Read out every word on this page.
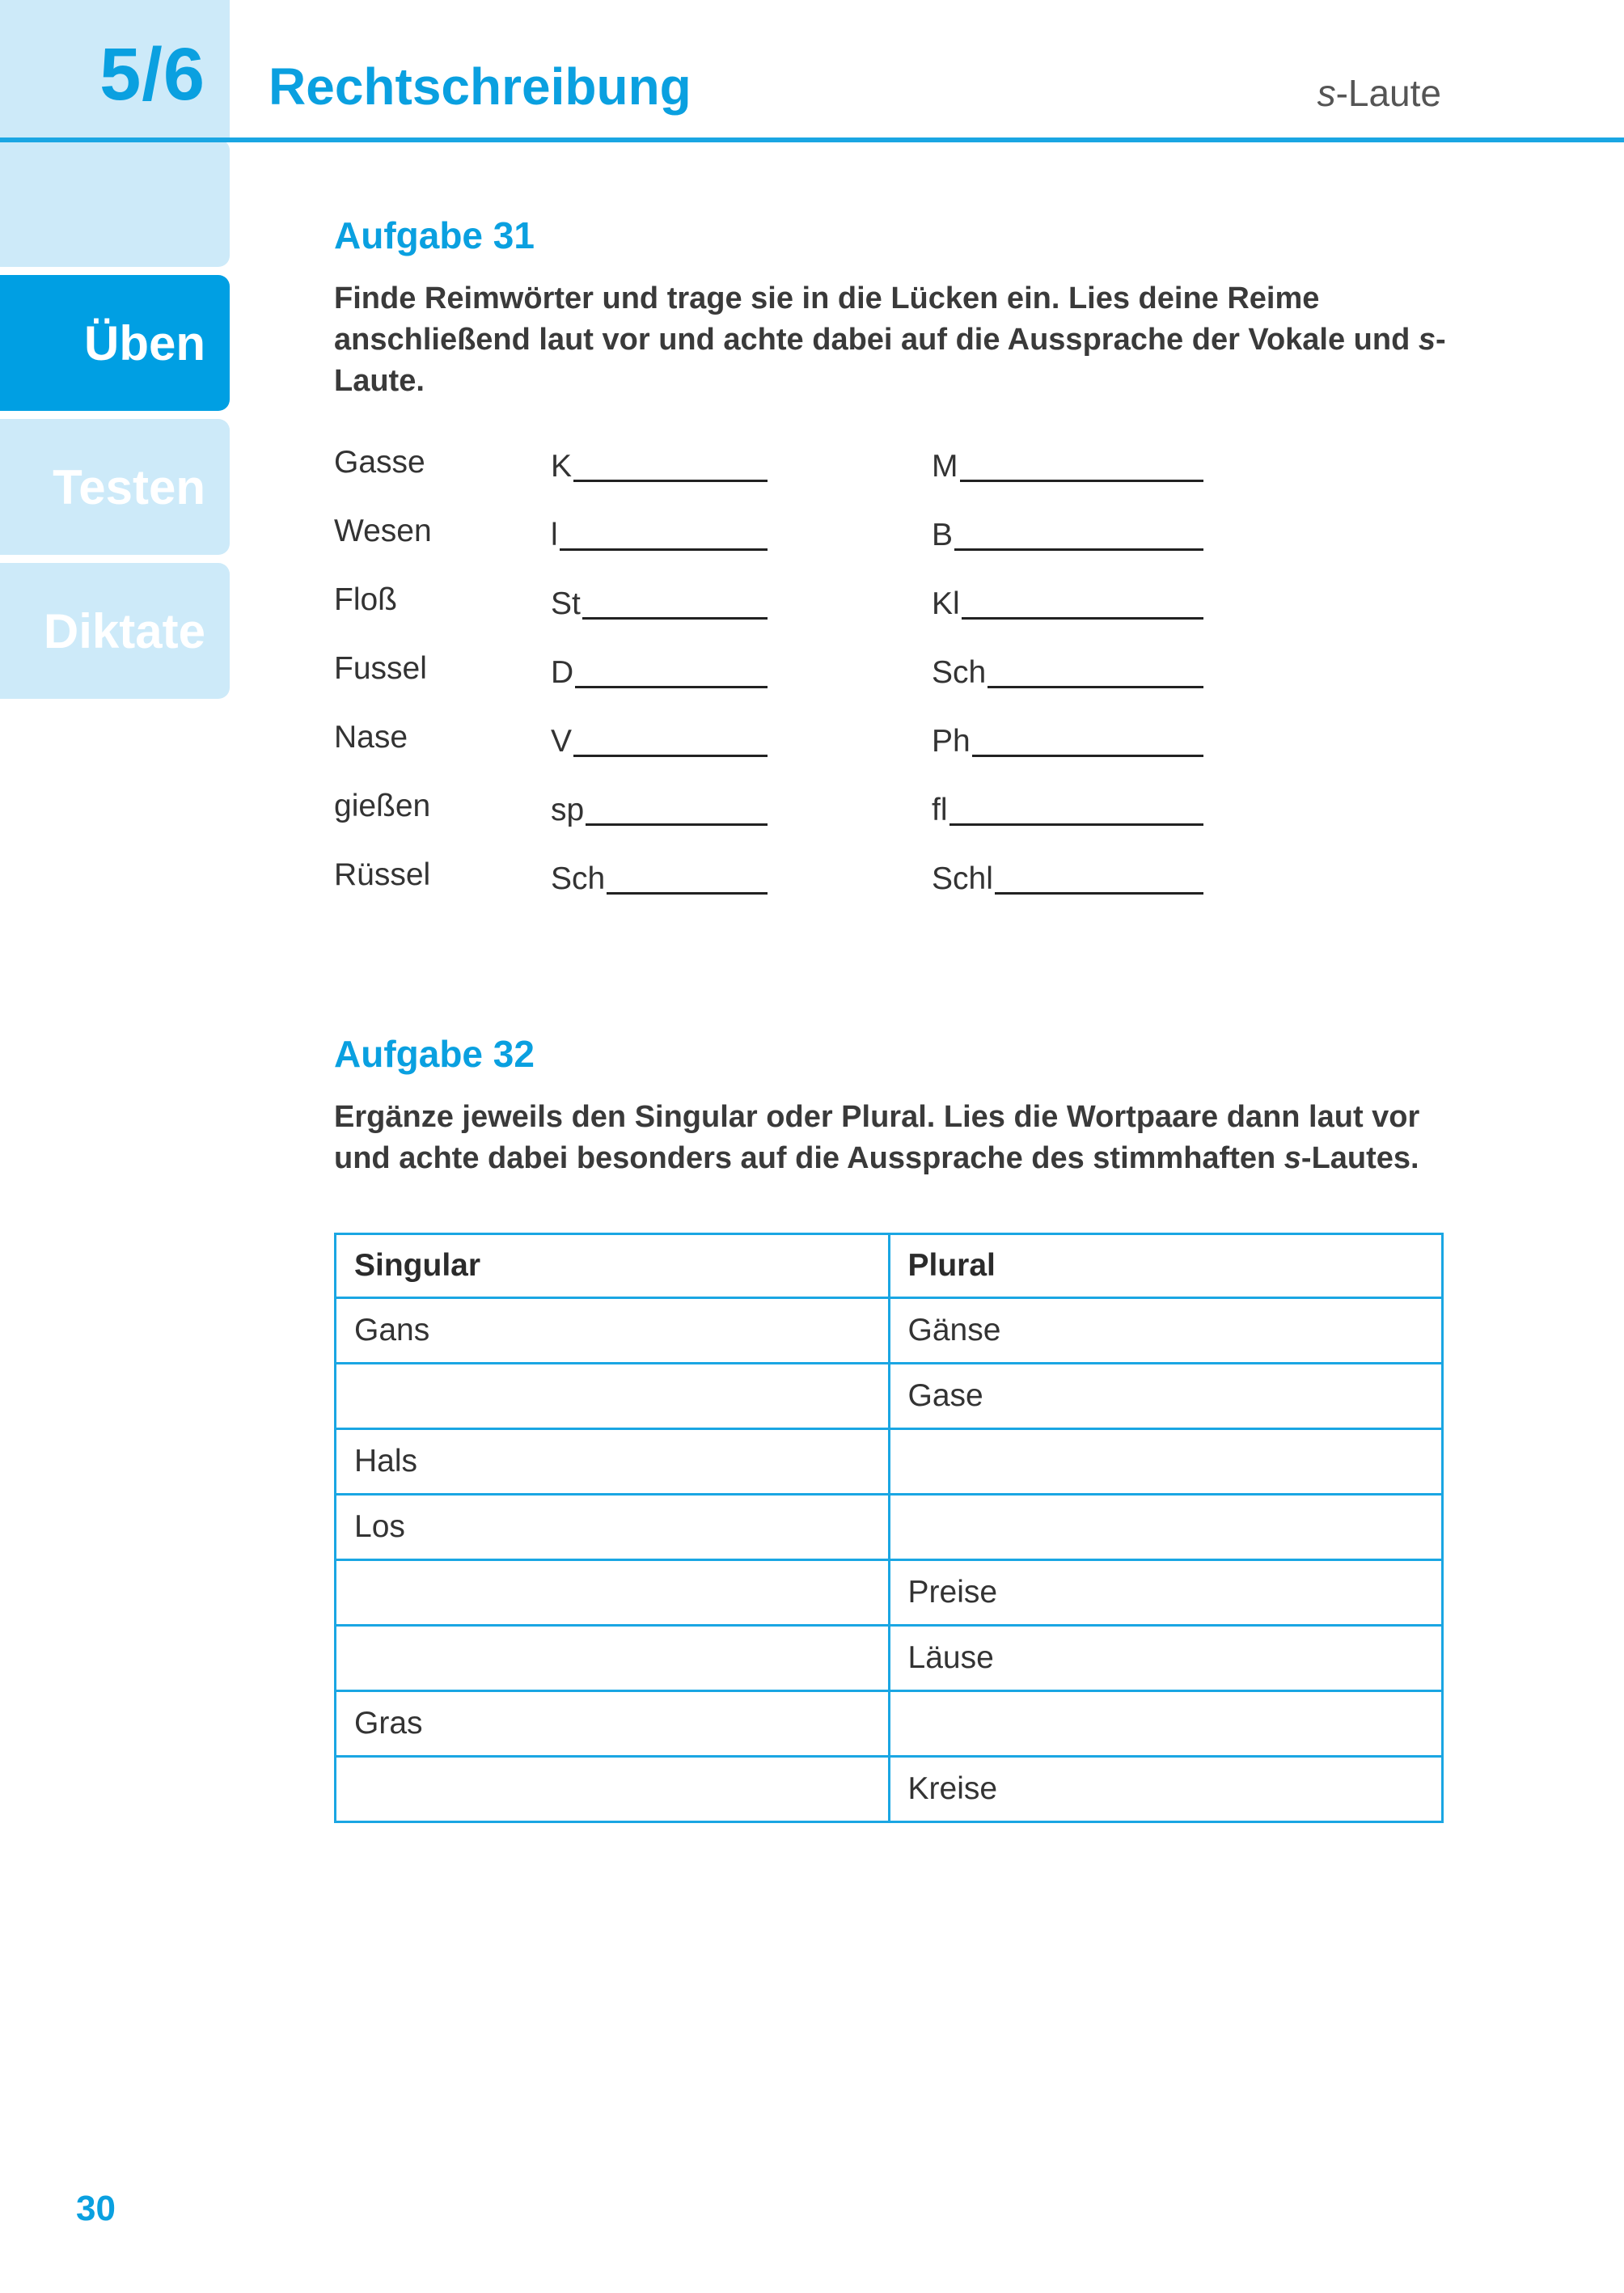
5/6
Üben
Testen
Diktate
Rechtschreibung	s-Laute
Aufgabe 31
Finde Reimwörter und trage sie in die Lücken ein. Lies deine Reime anschließend laut vor und achte dabei auf die Aussprache der Vokale und s-Laute.
Gasse	K	M
Wesen	l	B
Floß	St	Kl
Fussel	D	Sch
Nase	V	Ph
gießen	sp	fl
Rüssel	Sch	Schl
Aufgabe 32
Ergänze jeweils den Singular oder Plural. Lies die Wortpaare dann laut vor und achte dabei besonders auf die Aussprache des stimmhaften s-Lautes.
Singular	Plural
Gans	Gänse
	Gase
Hals	
Los	
	Preise
	Läuse
Gras	
	Kreise
30
